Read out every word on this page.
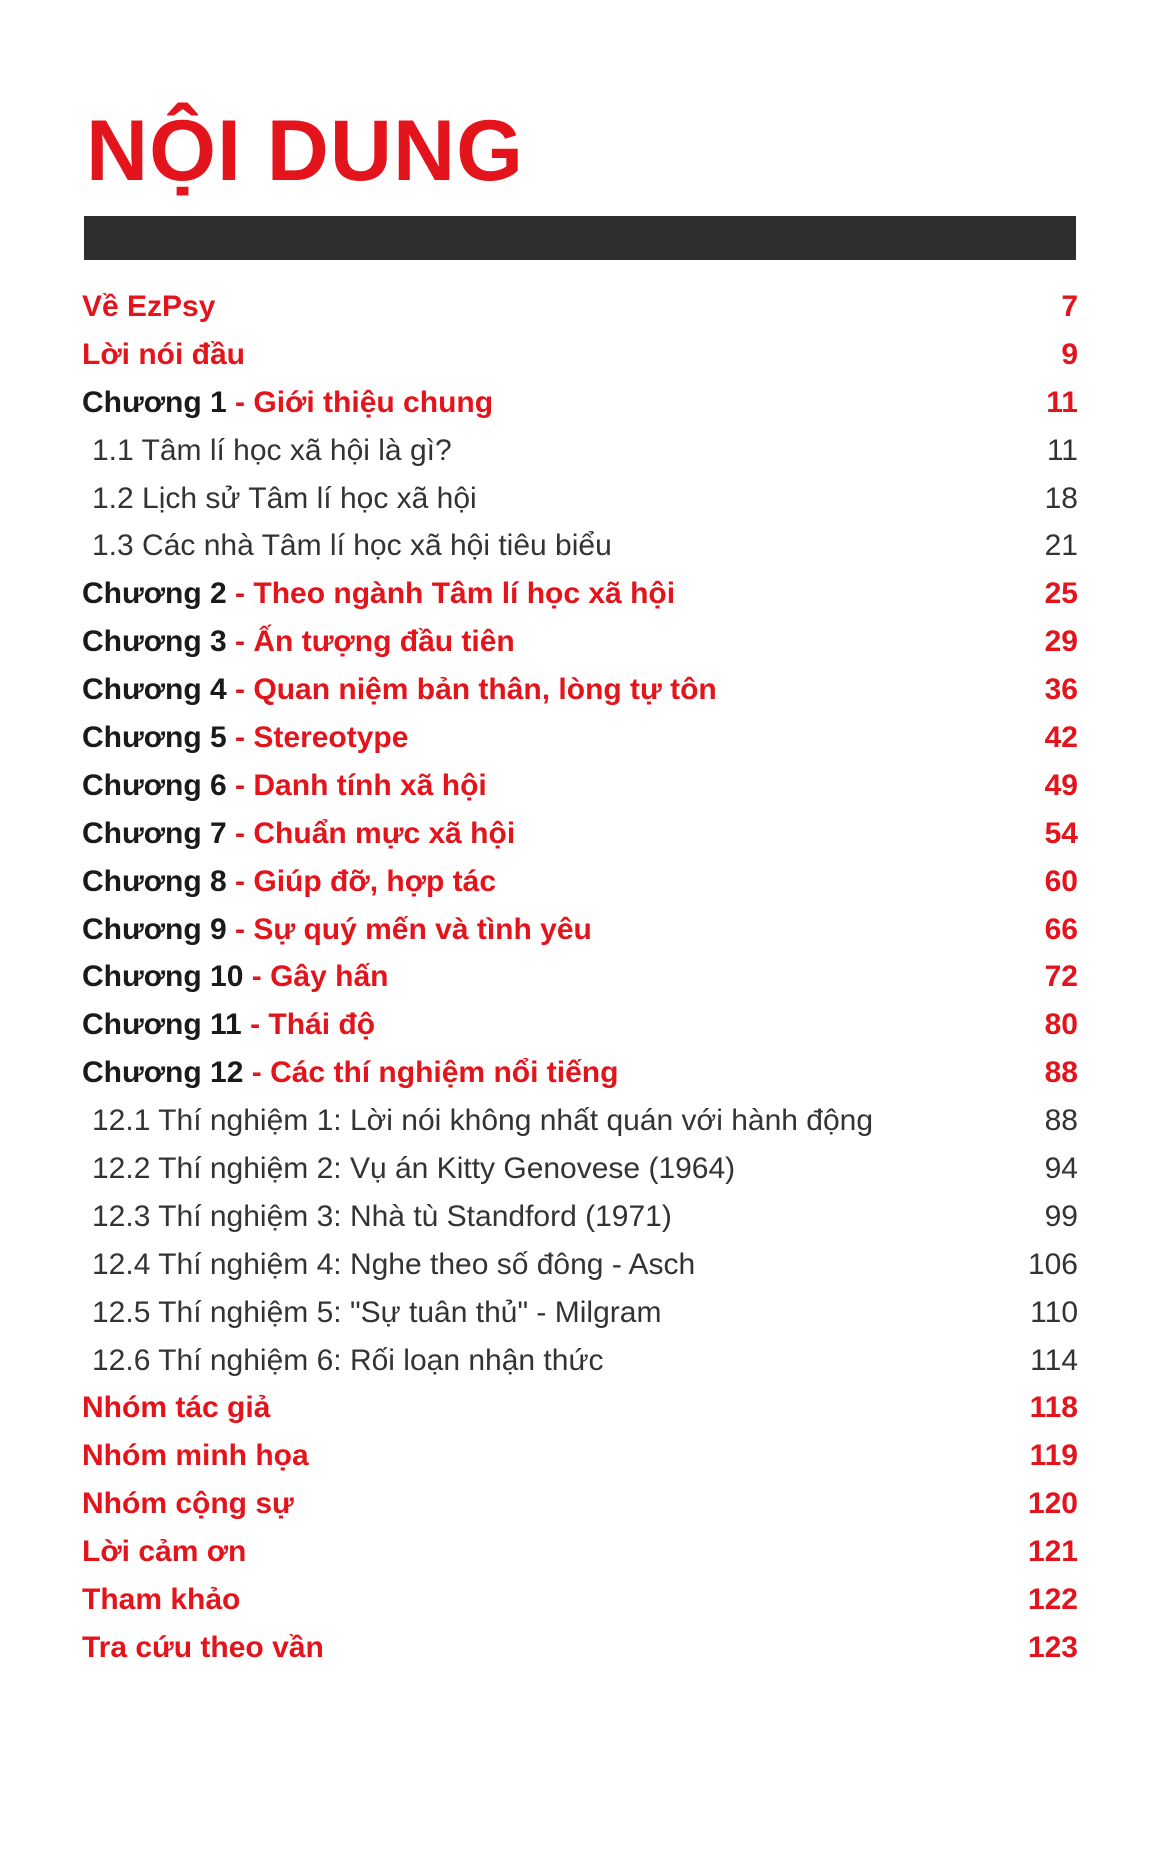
NỘI DUNG
Về EzPsy	7
Lời nói đầu	9
Chương 1 - Giới thiệu chung	11
1.1 Tâm lí học xã hội là gì?	11
1.2 Lịch sử Tâm lí học xã hội	18
1.3 Các nhà Tâm lí học xã hội tiêu biểu	21
Chương 2 - Theo ngành Tâm lí học xã hội	25
Chương 3 - Ấn tượng đầu tiên	29
Chương 4 - Quan niệm bản thân, lòng tự tôn	36
Chương 5 - Stereotype	42
Chương 6 - Danh tính xã hội	49
Chương 7 - Chuẩn mực xã hội	54
Chương 8 - Giúp đỡ, hợp tác	60
Chương 9 - Sự quý mến và tình yêu	66
Chương 10 - Gây hấn	72
Chương 11 - Thái độ	80
Chương 12 - Các thí nghiệm nổi tiếng	88
12.1 Thí nghiệm 1: Lời nói không nhất quán với hành động	88
12.2 Thí nghiệm 2: Vụ án Kitty Genovese (1964)	94
12.3 Thí nghiệm 3: Nhà tù Standford (1971)	99
12.4 Thí nghiệm 4: Nghe theo số đông - Asch	106
12.5 Thí nghiệm 5: "Sự tuân thủ" - Milgram	110
12.6 Thí nghiệm 6: Rối loạn nhận thức	114
Nhóm tác giả	118
Nhóm minh họa	119
Nhóm cộng sự	120
Lời cảm ơn	121
Tham khảo	122
Tra cứu theo vần	123
